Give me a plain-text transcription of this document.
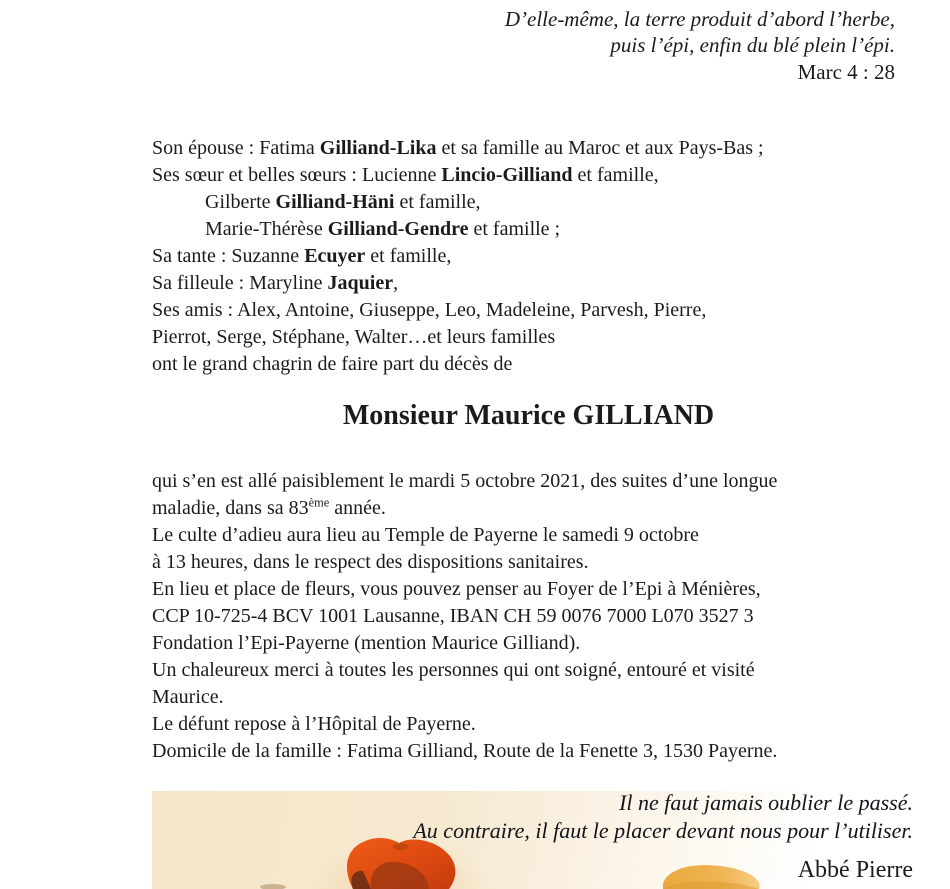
D’elle-même, la terre produit d’abord l’herbe,
puis l’épi, enfin du blé plein l’épi.
Marc 4 : 28
Son épouse : Fatima Gilliand-Lika et sa famille au Maroc et aux Pays-Bas ;
Ses sœur et belles sœurs : Lucienne Lincio-Gilliand et famille,
Gilberte Gilliand-Häni et famille,
Marie-Thérèse Gilliand-Gendre et famille ;
Sa tante : Suzanne Ecuyer et famille,
Sa filleule : Maryline Jaquier,
Ses amis : Alex, Antoine, Giuseppe, Leo, Madeleine, Parvesh, Pierre,
Pierrot, Serge, Stéphane, Walter…et leurs familles
ont le grand chagrin de faire part du décès de
Monsieur Maurice GILLIAND
qui s’en est allé paisiblement le mardi 5 octobre 2021, des suites d’une longue
maladie, dans sa 83ème année.
Le culte d’adieu aura lieu au Temple de Payerne le samedi 9 octobre
à 13 heures, dans le respect des dispositions sanitaires.
En lieu et place de fleurs, vous pouvez penser au Foyer de l’Epi à Ménières,
CCP 10-725-4 BCV 1001 Lausanne, IBAN CH 59 0076 7000 L070 3527 3
Fondation l’Epi-Payerne (mention Maurice Gilliand).
Un chaleureux merci à toutes les personnes qui ont soigné, entouré et visité
Maurice.
Le défunt repose à l’Hôpital de Payerne.
Domicile de la famille : Fatima Gilliand, Route de la Fenette 3, 1530 Payerne.
Il ne faut jamais oublier le passé.
Au contraire, il faut le placer devant nous pour l’utiliser.
Abbé Pierre
